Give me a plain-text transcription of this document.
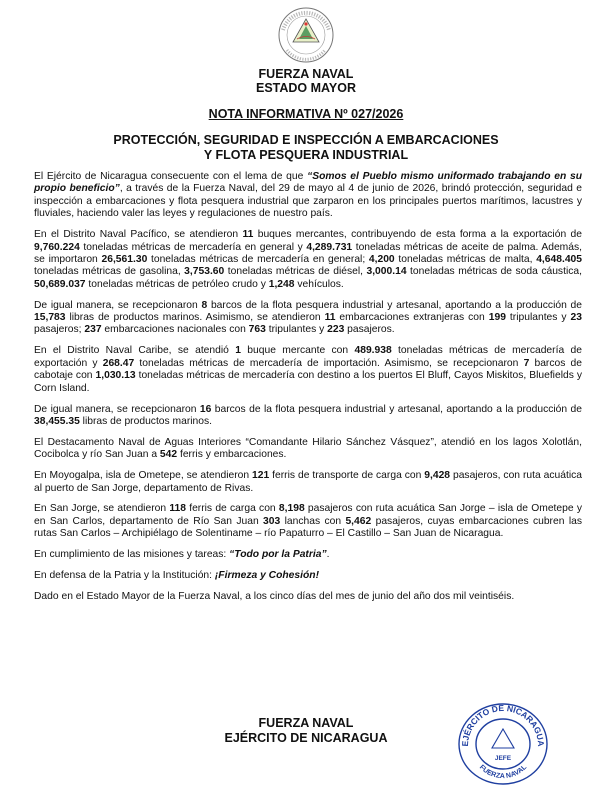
FUERZA NAVAL
ESTADO MAYOR
NOTA INFORMATIVA Nº 027/2026
PROTECCIÓN, SEGURIDAD E INSPECCIÓN A EMBARCACIONES
Y FLOTA PESQUERA INDUSTRIAL

El Ejército de Nicaragua consecuente con el lema de que “Somos el Pueblo mismo uniformado trabajando en su propio beneficio”, a través de la Fuerza Naval, del 29 de mayo al 4 de junio de 2026, brindó protección, seguridad e inspección a embarcaciones y flota pesquera industrial que zarparon en los principales puertos marítimos, lacustres y fluviales, haciendo valer las leyes y regulaciones de nuestro país.

En el Distrito Naval Pacífico, se atendieron 11 buques mercantes, contribuyendo de esta forma a la exportación de 9,760.224 toneladas métricas de mercadería en general y 4,289.731 toneladas métricas de aceite de palma. Además, se importaron 26,561.30 toneladas métricas de mercadería en general; 4,200 toneladas métricas de malta, 4,648.405 toneladas métricas de gasolina, 3,753.60 toneladas métricas de diésel, 3,000.14 toneladas métricas de soda cáustica, 50,689.037 toneladas métricas de petróleo crudo y 1,248 vehículos.

De igual manera, se recepcionaron 8 barcos de la flota pesquera industrial y artesanal, aportando a la producción de 15,783 libras de productos marinos. Asimismo, se atendieron 11 embarcaciones extranjeras con 199 tripulantes y 23 pasajeros; 237 embarcaciones nacionales con 763 tripulantes y 223 pasajeros.

En el Distrito Naval Caribe, se atendió 1 buque mercante con 489.938 toneladas métricas de mercadería de exportación y 268.47 toneladas métricas de mercadería de importación. Asimismo, se recepcionaron 7 barcos de cabotaje con 1,030.13 toneladas métricas de mercadería con destino a los puertos El Bluff, Cayos Miskitos, Bluefields y Corn Island.

De igual manera, se recepcionaron 16 barcos de la flota pesquera industrial y artesanal, aportando a la producción de 38,455.35 libras de productos marinos.

El Destacamento Naval de Aguas Interiores “Comandante Hilario Sánchez Vásquez”, atendió en los lagos Xolotlán, Cocibolca y río San Juan a 542 ferris y embarcaciones.

En Moyogalpa, isla de Ometepe, se atendieron 121 ferris de transporte de carga con 9,428 pasajeros, con ruta acuática al puerto de San Jorge, departamento de Rivas.

En San Jorge, se atendieron 118 ferris de carga con 8,198 pasajeros con ruta acuática San Jorge – isla de Ometepe y en San Carlos, departamento de Río San Juan 303 lanchas con 5,462 pasajeros, cuyas embarcaciones cubren las rutas San Carlos – Archipiélago de Solentiname – río Papaturro – El Castillo – San Juan de Nicaragua.

En cumplimiento de las misiones y tareas: “Todo por la Patria”.

En defensa de la Patria y la Institución: ¡Firmeza y Cohesión!

Dado en el Estado Mayor de la Fuerza Naval, a los cinco días del mes de junio del año dos mil veintiséis.

FUERZA NAVAL
EJÉRCITO DE NICARAGUA	EJÉRCITO DE NICARAGUA
FUERZA NAVAL
JEFE
